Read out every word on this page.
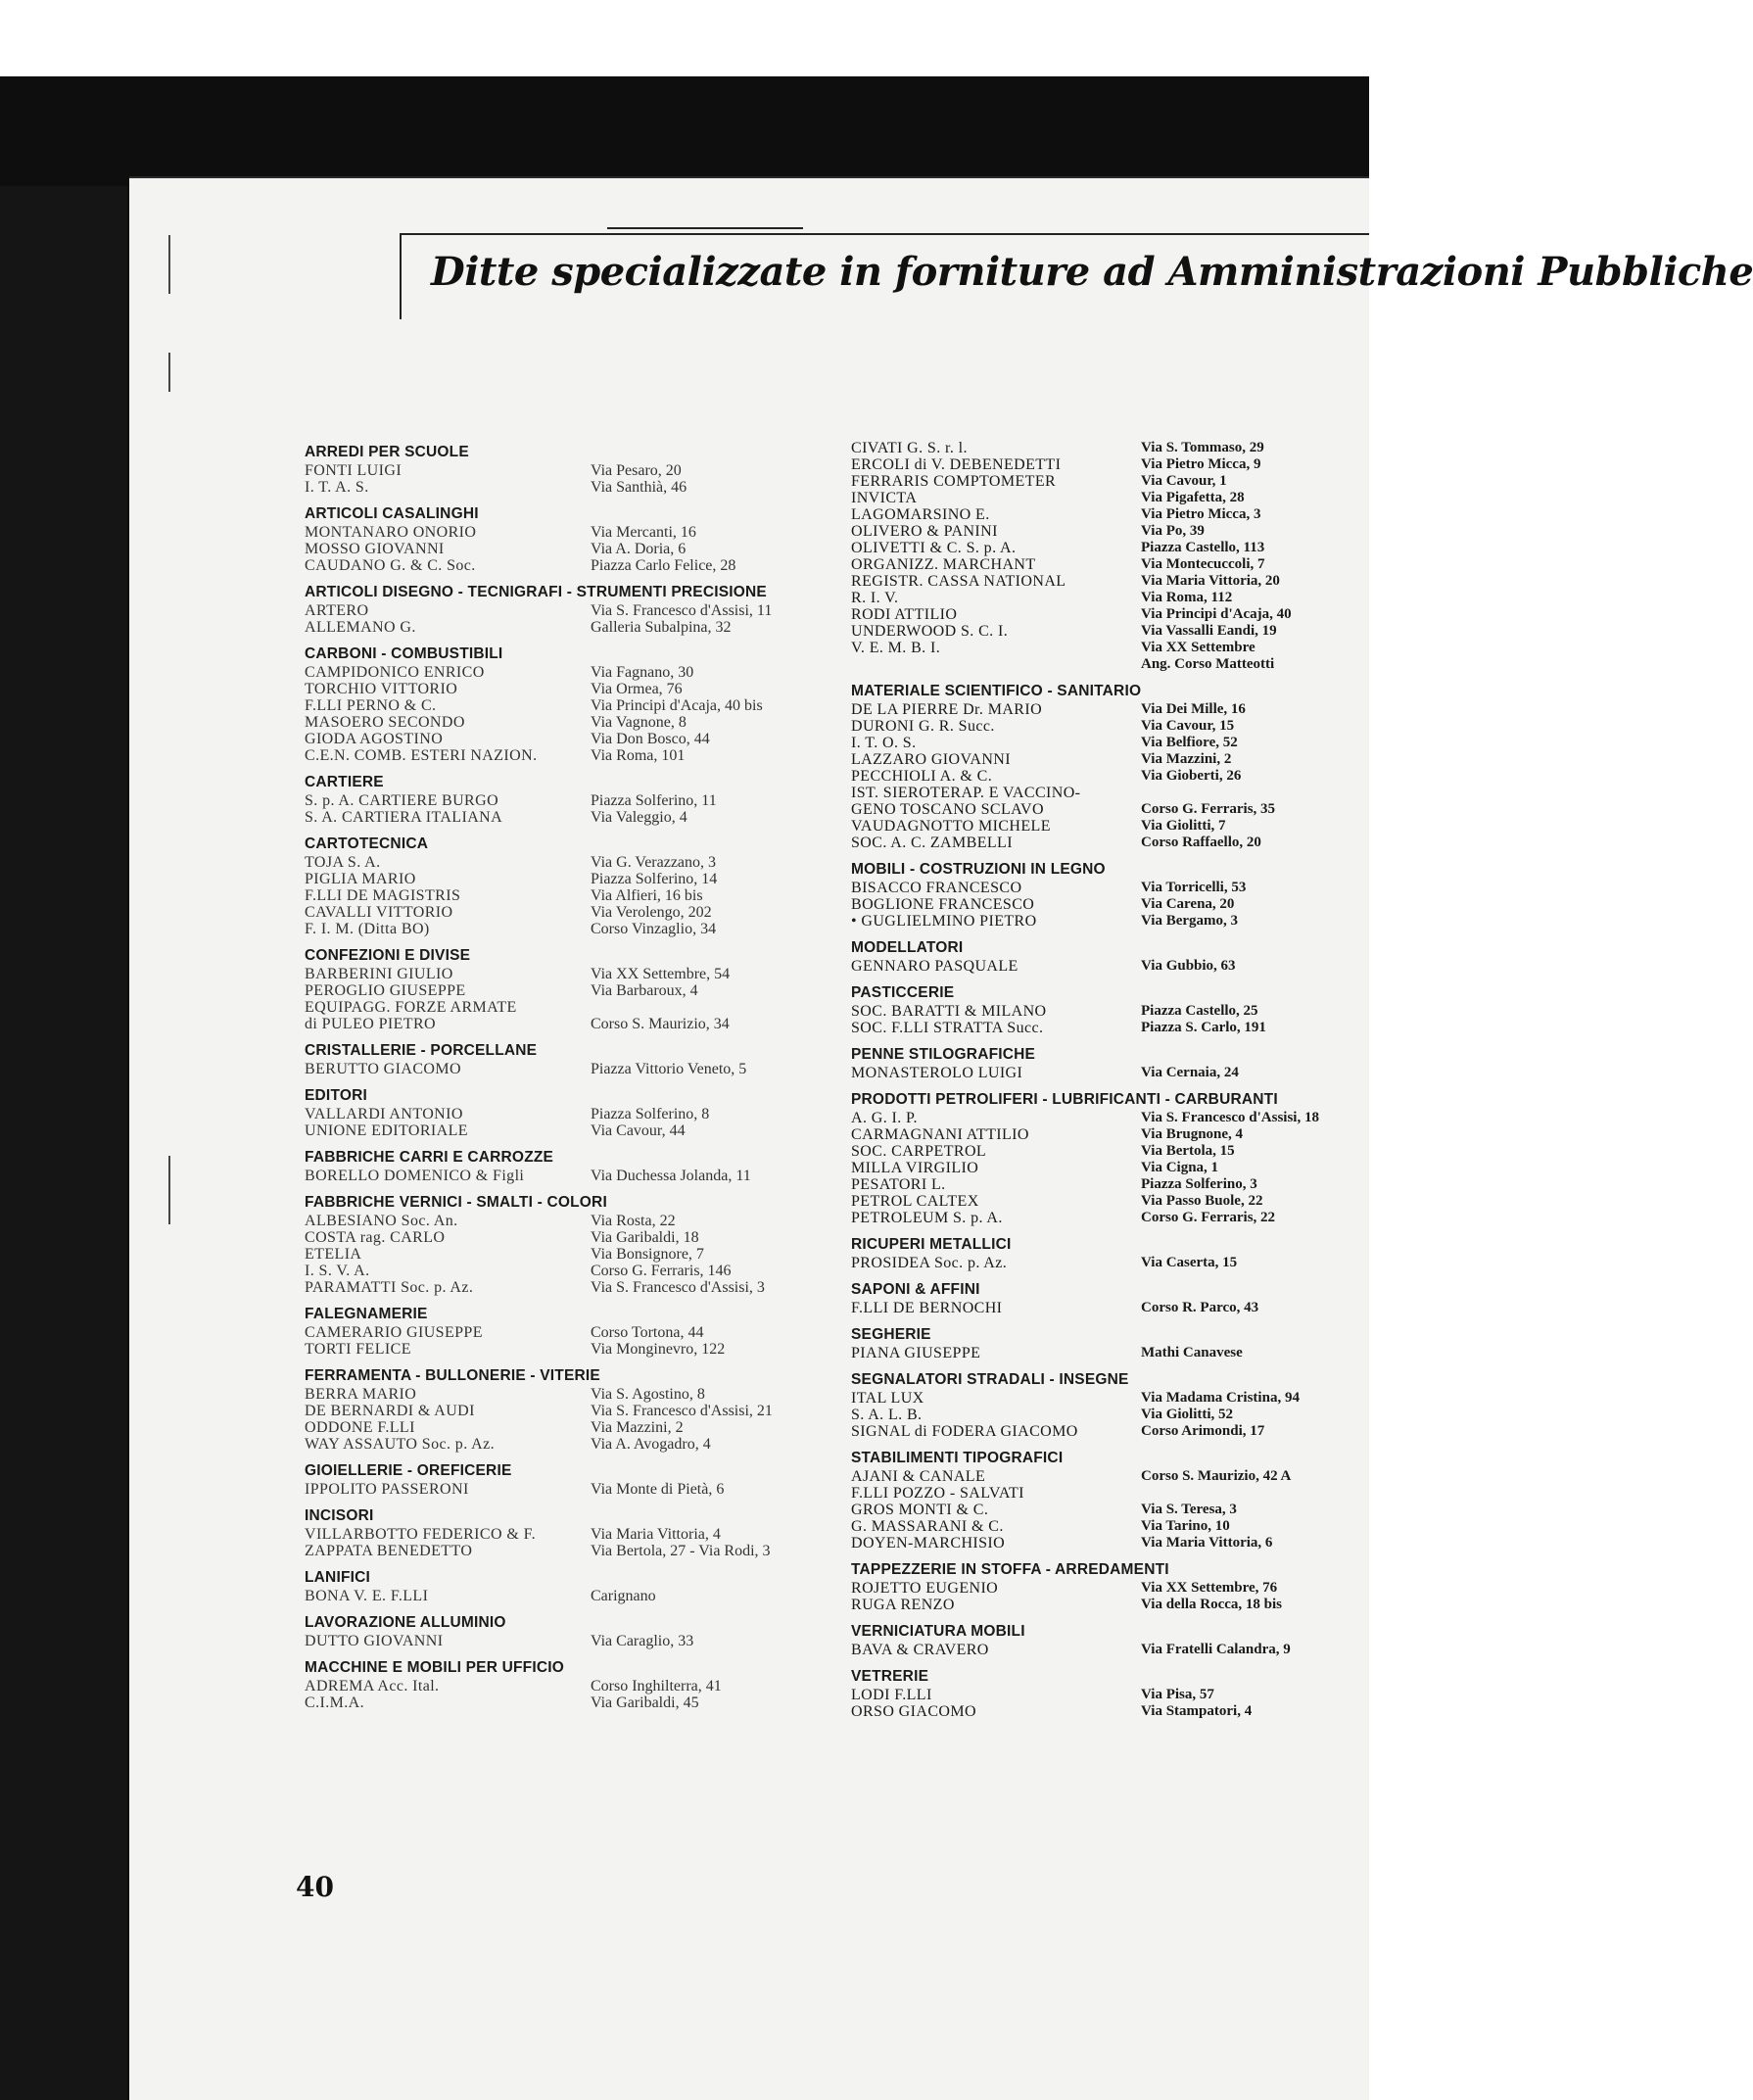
Ditte specializzate in forniture ad Amministrazioni Pubbliche
ARREDI PER SCUOLE
FONTI LUIGI	Via Pesaro, 20
I. T. A. S.	Via Santhià, 46
ARTICOLI CASALINGHI
MONTANARO ONORIO	Via Mercanti, 16
MOSSO GIOVANNI	Via A. Doria, 6
CAUDANO G. & C. Soc.	Piazza Carlo Felice, 28
ARTICOLI DISEGNO - TECNIGRAFI - STRUMENTI PRECISIONE
ARTERO	Via S. Francesco d'Assisi, 11
ALLEMANO G.	Galleria Subalpina, 32
CARBONI - COMBUSTIBILI
CAMPIDONICO ENRICO	Via Fagnano, 30
TORCHIO VITTORIO	Via Ormea, 76
F.LLI PERNO & C.	Via Principi d'Acaja, 40 bis
MASOERO SECONDO	Via Vagnone, 8
GIODA AGOSTINO	Via Don Bosco, 44
C.E.N. COMB. ESTERI NAZION.	Via Roma, 101
CARTIERE
S. p. A. CARTIERE BURGO	Piazza Solferino, 11
S. A. CARTIERA ITALIANA	Via Valeggio, 4
CARTOTECNICA
TOJA S. A.	Via G. Verazzano, 3
PIGLIA MARIO	Piazza Solferino, 14
F.LLI DE MAGISTRIS	Via Alfieri, 16 bis
CAVALLI VITTORIO	Via Verolengo, 202
F. I. M. (Ditta BO)	Corso Vinzaglio, 34
CONFEZIONI E DIVISE
BARBERINI GIULIO	Via XX Settembre, 54
PEROGLIO GIUSEPPE	Via Barbaroux, 4
EQUIPAGG. FORZE ARMATE
di PULEO PIETRO	Corso S. Maurizio, 34
CRISTALLERIE - PORCELLANE
BERUTTO GIACOMO	Piazza Vittorio Veneto, 5
EDITORI
VALLARDI ANTONIO	Piazza Solferino, 8
UNIONE EDITORIALE	Via Cavour, 44
FABBRICHE CARRI E CARROZZE
BORELLO DOMENICO & Figli	Via Duchessa Jolanda, 11
FABBRICHE VERNICI - SMALTI - COLORI
ALBESIANO Soc. An.	Via Rosta, 22
COSTA rag. CARLO	Via Garibaldi, 18
ETELIA	Via Bonsignore, 7
I. S. V. A.	Corso G. Ferraris, 146
PARAMATTI Soc. p. Az.	Via S. Francesco d'Assisi, 3
FALEGNAMERIE
CAMERARIO GIUSEPPE	Corso Tortona, 44
TORTI FELICE	Via Monginevro, 122
FERRAMENTA - BULLONERIE - VITERIE
BERRA MARIO	Via S. Agostino, 8
DE BERNARDI & AUDI	Via S. Francesco d'Assisi, 21
ODDONE F.LLI	Via Mazzini, 2
WAY ASSAUTO Soc. p. Az.	Via A. Avogadro, 4
GIOIELLERIE - OREFICERIE
IPPOLITO PASSERONI	Via Monte di Pietà, 6
INCISORI
VILLARBOTTO FEDERICO & F.	Via Maria Vittoria, 4
ZAPPATA BENEDETTO	Via Bertola, 27 - Via Rodi, 3
LANIFICI
BONA V. E. F.LLI	Carignano
LAVORAZIONE ALLUMINIO
DUTTO GIOVANNI	Via Caraglio, 33
MACCHINE E MOBILI PER UFFICIO
ADREMA Acc. Ital.	Corso Inghilterra, 41
C.I.M.A.	Via Garibaldi, 45
CIVATI G. S. r. l.	Via S. Tommaso, 29
ERCOLI di V. DEBENEDETTI	Via Pietro Micca, 9
FERRARIS COMPTOMETER	Via Cavour, 1
INVICTA	Via Pigafetta, 28
LAGOMARSINO E.	Via Pietro Micca, 3
OLIVERO & PANINI	Via Po, 39
OLIVETTI & C. S. p. A.	Piazza Castello, 113
ORGANIZZ. MARCHANT	Via Montecuccoli, 7
REGISTR. CASSA NATIONAL	Via Maria Vittoria, 20
R. I. V.	Via Roma, 112
RODI ATTILIO	Via Principi d'Acaja, 40
UNDERWOOD S. C. I.	Via Vassalli Eandi, 19
V. E. M. B. I.	Via XX Settembre
Ang. Corso Matteotti
MATERIALE SCIENTIFICO - SANITARIO
DE LA PIERRE Dr. MARIO	Via Dei Mille, 16
DURONI G. R. Succ.	Via Cavour, 15
I. T. O. S.	Via Belfiore, 52
LAZZARO GIOVANNI	Via Mazzini, 2
PECCHIOLI A. & C.	Via Gioberti, 26
IST. SIEROTERAP. E VACCINO-
GENO TOSCANO SCLAVO	Corso G. Ferraris, 35
VAUDAGNOTTO MICHELE	Via Giolitti, 7
SOC. A. C. ZAMBELLI	Corso Raffaello, 20
MOBILI - COSTRUZIONI IN LEGNO
BISACCO FRANCESCO	Via Torricelli, 53
BOGLIONE FRANCESCO	Via Carena, 20
• GUGLIELMINO PIETRO	Via Bergamo, 3
MODELLATORI
GENNARO PASQUALE	Via Gubbio, 63
PASTICCERIE
SOC. BARATTI & MILANO	Piazza Castello, 25
SOC. F.LLI STRATTA Succ.	Piazza S. Carlo, 191
PENNE STILOGRAFICHE
MONASTEROLO LUIGI	Via Cernaia, 24
PRODOTTI PETROLIFERI - LUBRIFICANTI - CARBURANTI
A. G. I. P.	Via S. Francesco d'Assisi, 18
CARMAGNANI ATTILIO	Via Brugnone, 4
SOC. CARPETROL	Via Bertola, 15
MILLA VIRGILIO	Via Cigna, 1
PESATORI L.	Piazza Solferino, 3
PETROL CALTEX	Via Passo Buole, 22
PETROLEUM S. p. A.	Corso G. Ferraris, 22
RICUPERI METALLICI
PROSIDEA Soc. p. Az.	Via Caserta, 15
SAPONI & AFFINI
F.LLI DE BERNOCHI	Corso R. Parco, 43
SEGHERIE
PIANA GIUSEPPE	Mathi Canavese
SEGNALATORI STRADALI - INSEGNE
ITAL LUX	Via Madama Cristina, 94
S. A. L. B.	Via Giolitti, 52
SIGNAL di FODERA GIACOMO	Corso Arimondi, 17
STABILIMENTI TIPOGRAFICI
AJANI & CANALE	Corso S. Maurizio, 42 A
F.LLI POZZO - SALVATI
GROS MONTI & C.	Via S. Teresa, 3
G. MASSARANI & C.	Via Tarino, 10
DOYEN-MARCHISIO	Via Maria Vittoria, 6
TAPPEZZERIE IN STOFFA - ARREDAMENTI
ROJETTO EUGENIO	Via XX Settembre, 76
RUGA RENZO	Via della Rocca, 18 bis
VERNICIATURA MOBILI
BAVA & CRAVERO	Via Fratelli Calandra, 9
VETRERIE
LODI F.LLI	Via Pisa, 57
ORSO GIACOMO	Via Stampatori, 4
40
